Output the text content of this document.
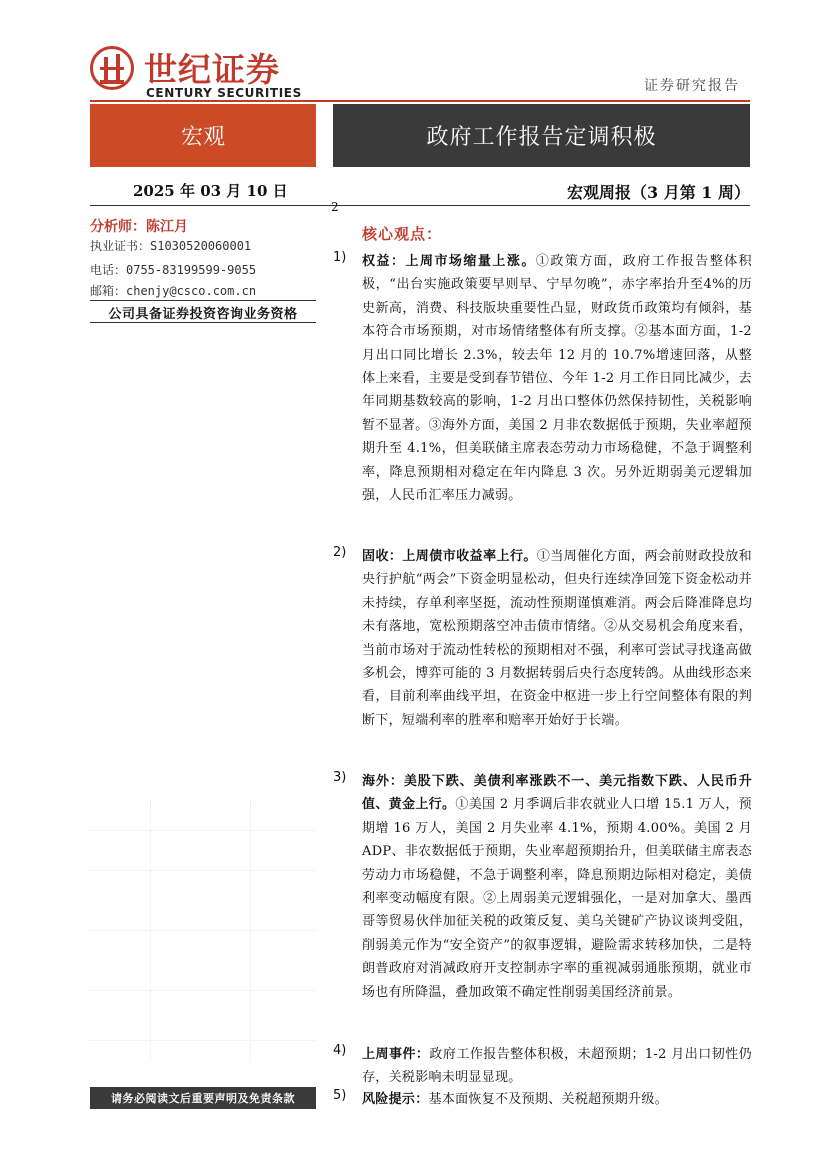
世纪证券
CENTURY SECURITIES	证券研究报告
宏观	政府工作报告定调积极
2025 年 03 月 10 日	宏观周报（3 月第 1 周）
2
分析师：陈江月
执业证书：S1030520060001
电话：0755-83199599-9055
邮箱：chenjy@csco.com.cn
公司具备证券投资咨询业务资格
请务必阅读文后重要声明及免责条款
核心观点：
1) 权益：上周市场缩量上涨。①政策方面，政府工作报告整体积极，“出台实施政策要早则早、宁早勿晚”，赤字率抬升至4%的历史新高，消费、科技版块重要性凸显，财政货币政策均有倾斜，基本符合市场预期，对市场情绪整体有所支撑。②基本面方面，1-2 月出口同比增长 2.3%，较去年 12 月的 10.7%增速回落，从整体上来看，主要是受到春节错位、今年 1-2 月工作日同比减少，去年同期基数较高的影响，1-2 月出口整体仍然保持韧性，关税影响暂不显著。③海外方面，美国 2 月非农数据低于预期，失业率超预期升至 4.1%，但美联储主席表态劳动力市场稳健，不急于调整利率，降息预期相对稳定在年内降息 3 次。另外近期弱美元逻辑加强，人民币汇率压力减弱。
2) 固收：上周债市收益率上行。①当周催化方面，两会前财政投放和央行护航“两会”下资金明显松动，但央行连续净回笼下资金松动并未持续，存单利率坚挺，流动性预期谨慎难消。两会后降准降息均未有落地，宽松预期落空冲击债市情绪。②从交易机会角度来看，当前市场对于流动性转松的预期相对不强，利率可尝试寻找逢高做多机会，博弈可能的 3 月数据转弱后央行态度转鸽。从曲线形态来看，目前利率曲线平坦，在资金中枢进一步上行空间整体有限的判断下，短端利率的胜率和赔率开始好于长端。
3) 海外：美股下跌、美债利率涨跌不一、美元指数下跌、人民币升值、黄金上行。①美国 2 月季调后非农就业人口增 15.1 万人，预期增 16 万人，美国 2 月失业率 4.1%，预期 4.00%。美国 2 月 ADP、非农数据低于预期，失业率超预期抬升，但美联储主席表态劳动力市场稳健，不急于调整利率，降息预期边际相对稳定，美债利率变动幅度有限。②上周弱美元逻辑强化，一是对加拿大、墨西哥等贸易伙伴加征关税的政策反复、美乌关键矿产协议谈判受阻，削弱美元作为“安全资产”的叙事逻辑，避险需求转移加快，二是特朗普政府对消减政府开支控制赤字率的重视减弱通胀预期，就业市场也有所降温，叠加政策不确定性削弱美国经济前景。
4) 上周事件：政府工作报告整体积极，未超预期；1-2 月出口韧性仍存，关税影响未明显显现。
5) 风险提示：基本面恢复不及预期、关税超预期升级。
